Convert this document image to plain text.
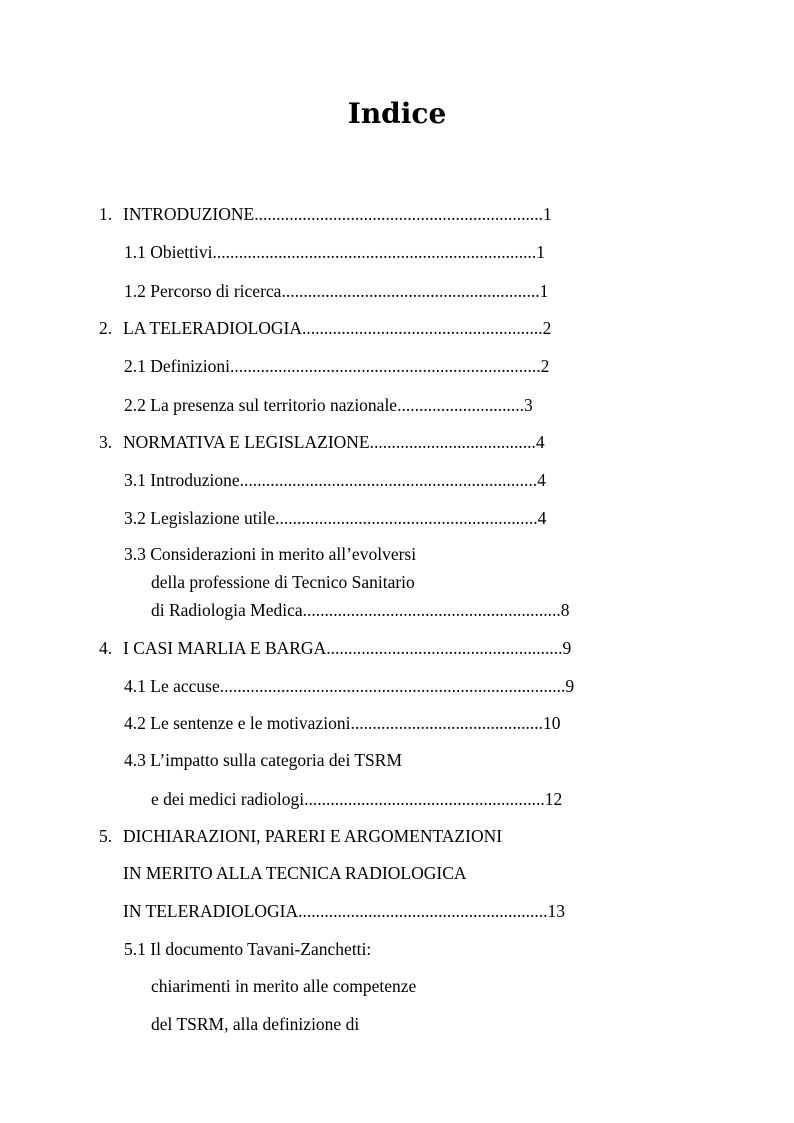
Indice
1. INTRODUZIONE..................................................................1
1.1 Obiettivi..........................................................................1
1.2 Percorso di ricerca...........................................................1
2. LA TELERADIOLOGIA.......................................................2
2.1 Definizioni.......................................................................2
2.2 La presenza sul territorio nazionale.............................3
3. NORMATIVA E LEGISLAZIONE......................................4
3.1 Introduzione....................................................................4
3.2 Legislazione utile............................................................4
3.3 Considerazioni in merito all’evolversi
della professione di Tecnico Sanitario
di Radiologia Medica...........................................................8
4. I CASI MARLIA E BARGA......................................................9
4.1 Le accuse...............................................................................9
4.2 Le sentenze e le motivazioni............................................10
4.3 L’impatto sulla categoria dei TSRM
e dei medici radiologi.......................................................12
5. DICHIARAZIONI, PARERI E ARGOMENTAZIONI
IN MERITO ALLA TECNICA RADIOLOGICA
IN TELERADIOLOGIA.........................................................13
5.1 Il documento Tavani-Zanchetti:
chiarimenti in merito alle competenze
del TSRM, alla definizione di
